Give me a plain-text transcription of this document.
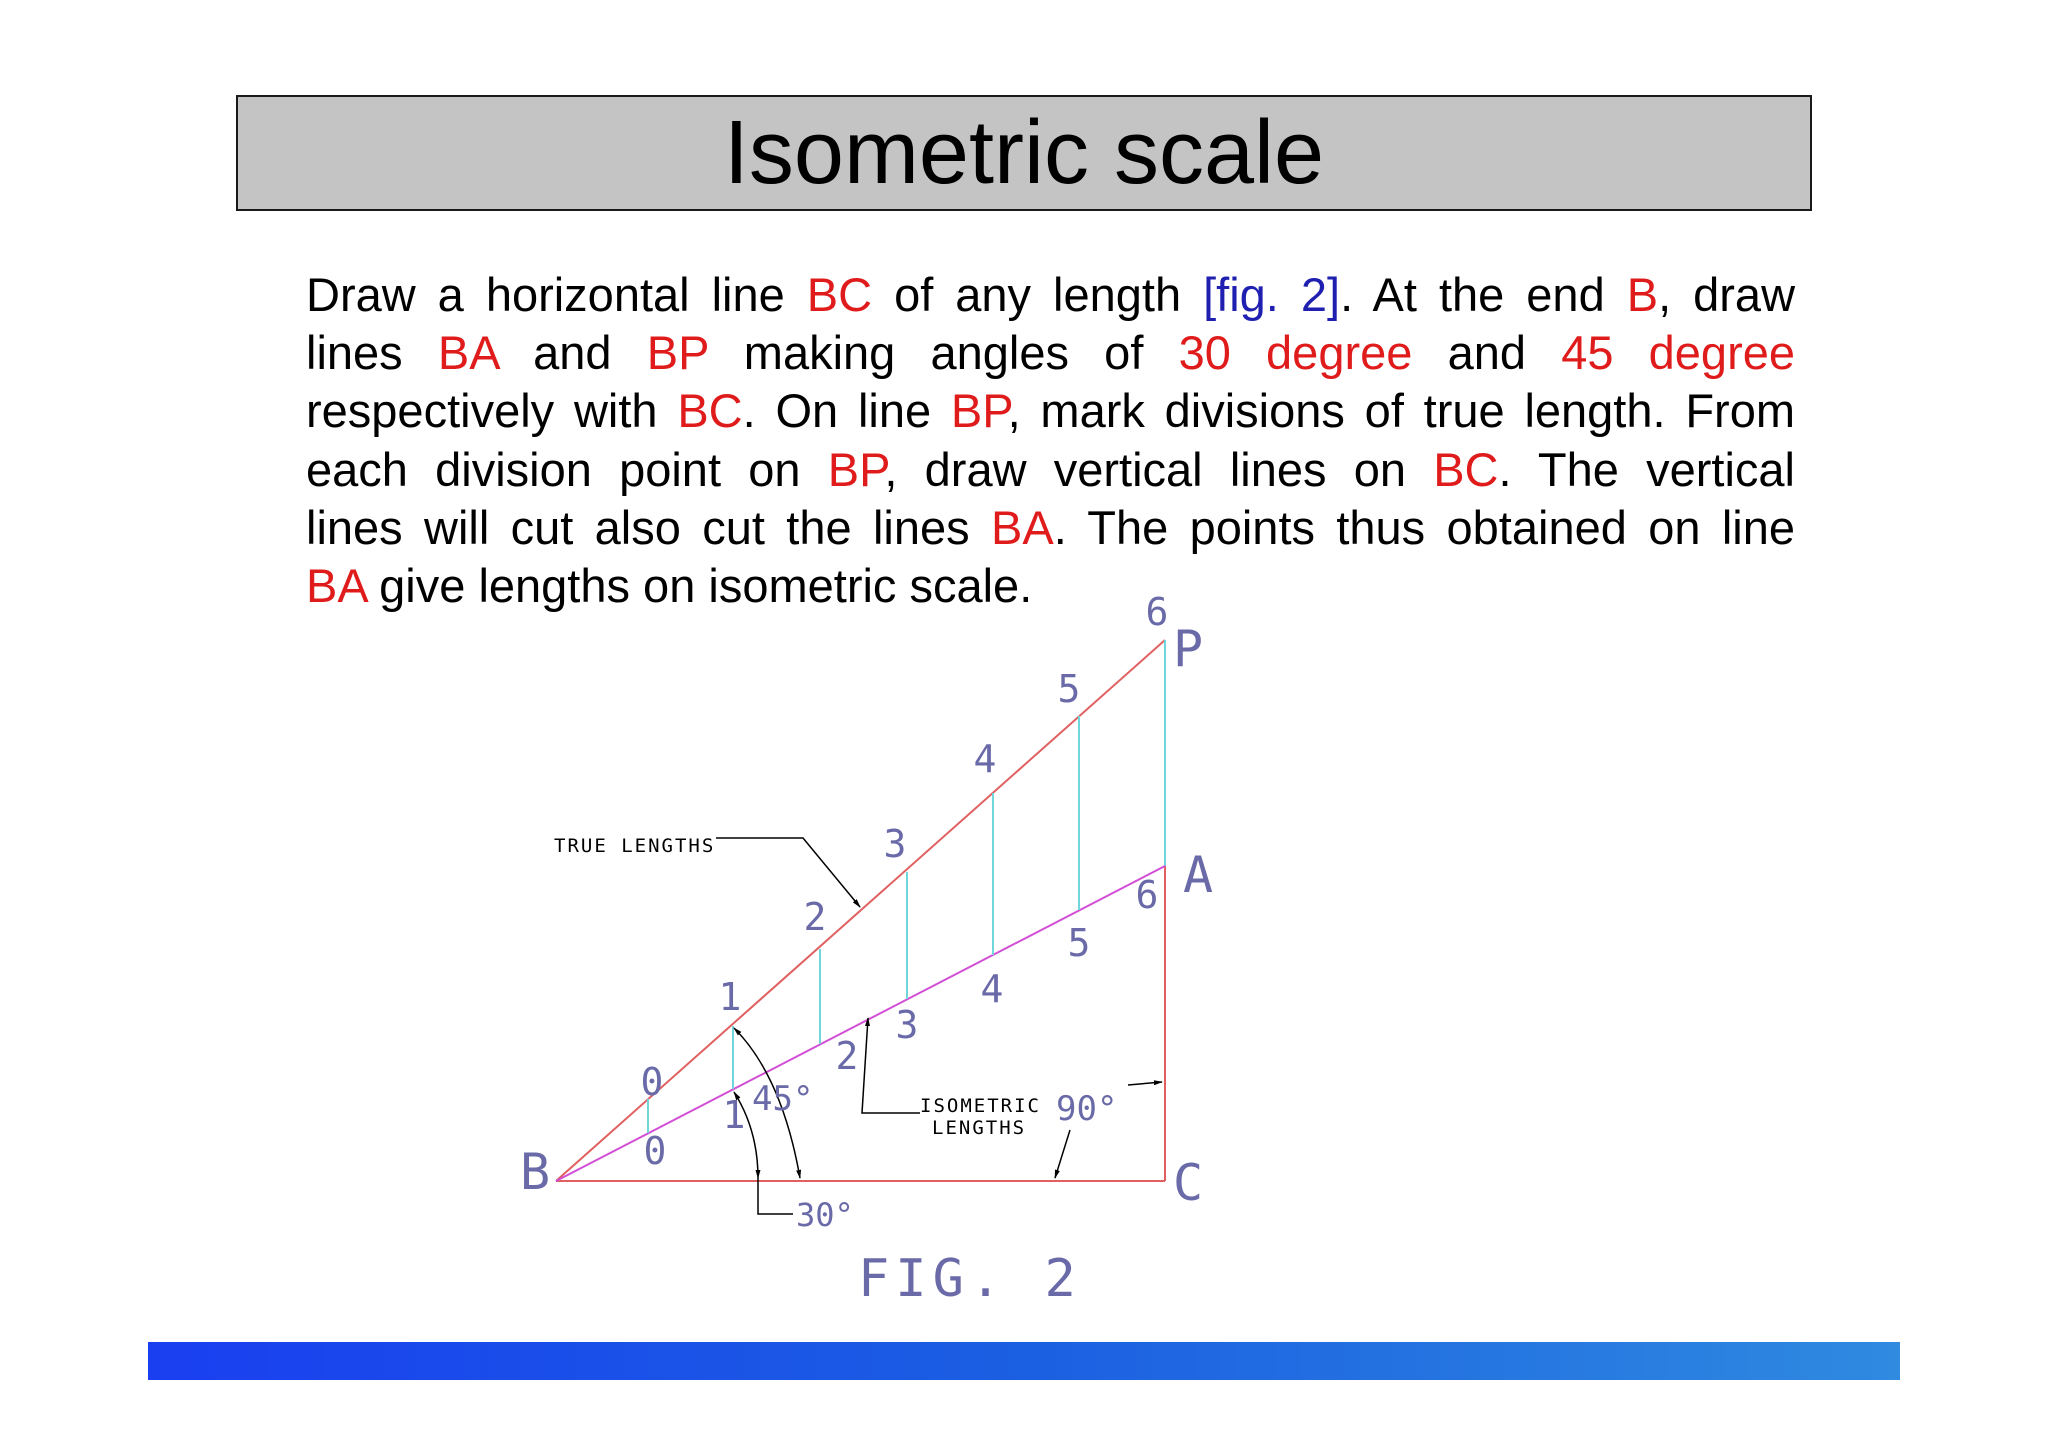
Isometric scale
Draw a horizontal line BC of any length [fig. 2]. At the end B, draw
lines BA and BP making angles of 30 degree and 45 degree
respectively with BC. On line BP, mark divisions of true length. From
each division point on BP, draw vertical lines on BC. The vertical
lines will cut also cut the lines BA. The points thus obtained on line
BA give lengths on isometric scale.
B	C
A
P
0
1
2
3
4
5
6
0
1
2
3
4
5
6
TRUE LENGTHS
ISOMETRIC
LENGTHS
45°
30°
90°
FIG. 2
